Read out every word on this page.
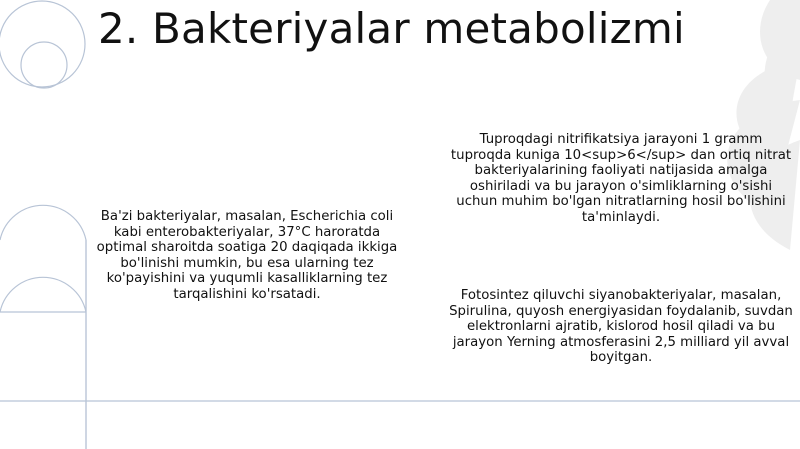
2. Bakteriyalar metabolizmi

Ba'zi bakteriyalar, masalan, Escherichia coli kabi enterobakteriyalar, 37°C haroratda optimal sharoitda soatiga 20 daqiqada ikkiga bo'linishi mumkin, bu esa ularning tez ko'payishini va yuqumli kasalliklarning tez tarqalishini ko'rsatadi.

Tuproqdagi nitrifikatsiya jarayoni 1 gramm tuproqda kuniga 10<sup>6</sup> dan ortiq nitrat bakteriyalarining faoliyati natijasida amalga oshiriladi va bu jarayon o'simliklarning o'sishi uchun muhim bo'lgan nitratlarning hosil bo'lishini ta'minlaydi.

Fotosintez qiluvchi siyanobakteriyalar, masalan, Spirulina, quyosh energiyasidan foydalanib, suvdan elektronlarni ajratib, kislorod hosil qiladi va bu jarayon Yerning atmosferasini 2,5 milliard yil avval boyitgan.
